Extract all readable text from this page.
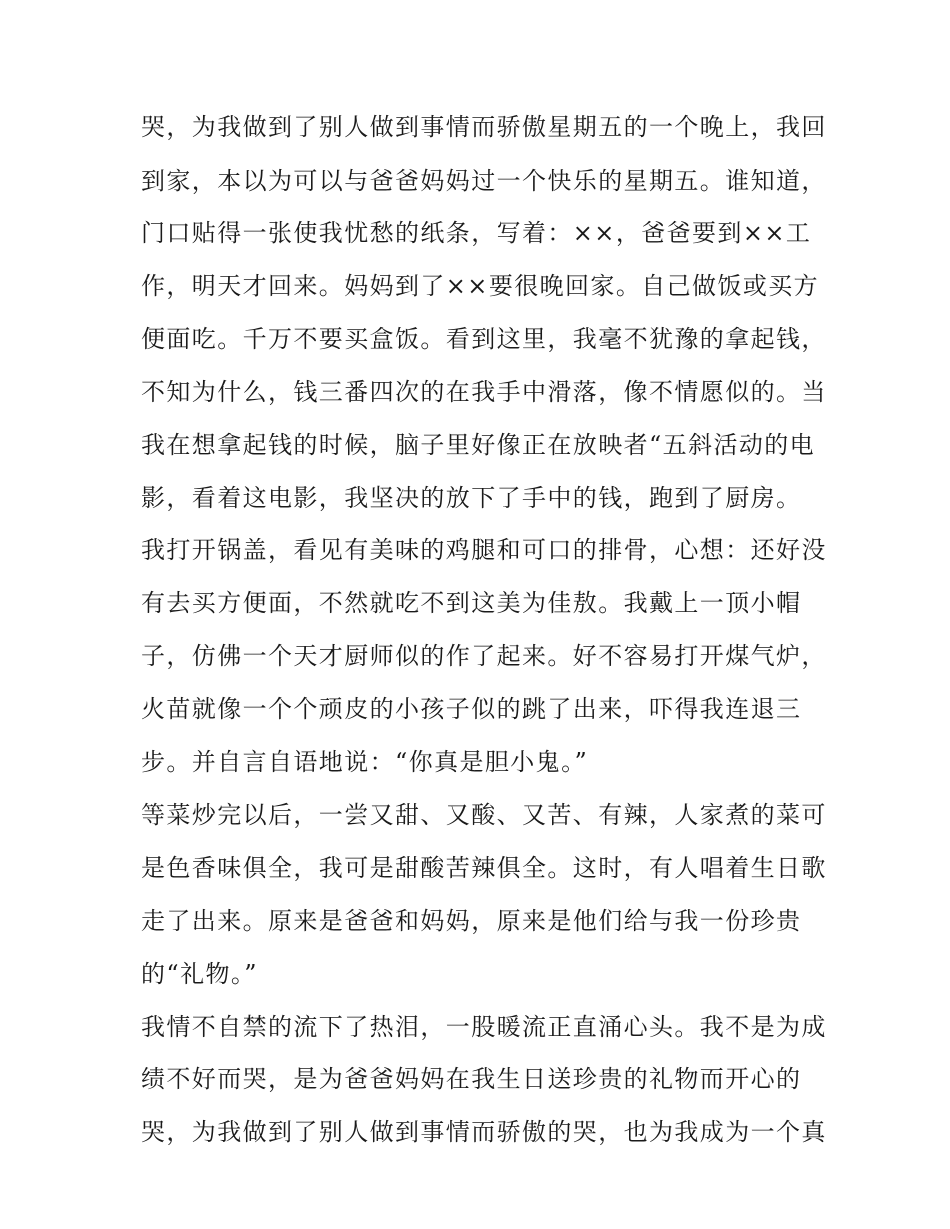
哭，为我做到了别人做到事情而骄傲星期五的一个晚上，我回
到家，本以为可以与爸爸妈妈过一个快乐的星期五。谁知道，
门口贴得一张使我忧愁的纸条，写着：××，爸爸要到××工
作，明天才回来。妈妈到了××要很晚回家。自己做饭或买方
便面吃。千万不要买盒饭。看到这里，我毫不犹豫的拿起钱，
不知为什么，钱三番四次的在我手中滑落，像不情愿似的。当
我在想拿起钱的时候，脑子里好像正在放映者“五斜活动的电
影，看着这电影，我坚决的放下了手中的钱，跑到了厨房。
我打开锅盖，看见有美味的鸡腿和可口的排骨，心想：还好没
有去买方便面，不然就吃不到这美为佳敖。我戴上一顶小帽
子，仿佛一个天才厨师似的作了起来。好不容易打开煤气炉，
火苗就像一个个顽皮的小孩子似的跳了出来，吓得我连退三
步。并自言自语地说：“你真是胆小鬼。”
等菜炒完以后，一尝又甜、又酸、又苦、有辣，人家煮的菜可
是色香味俱全，我可是甜酸苦辣俱全。这时，有人唱着生日歌
走了出来。原来是爸爸和妈妈，原来是他们给与我一份珍贵
的“礼物。”
我情不自禁的流下了热泪，一股暖流正直涌心头。我不是为成
绩不好而哭，是为爸爸妈妈在我生日送珍贵的礼物而开心的
哭，为我做到了别人做到事情而骄傲的哭，也为我成为一个真
